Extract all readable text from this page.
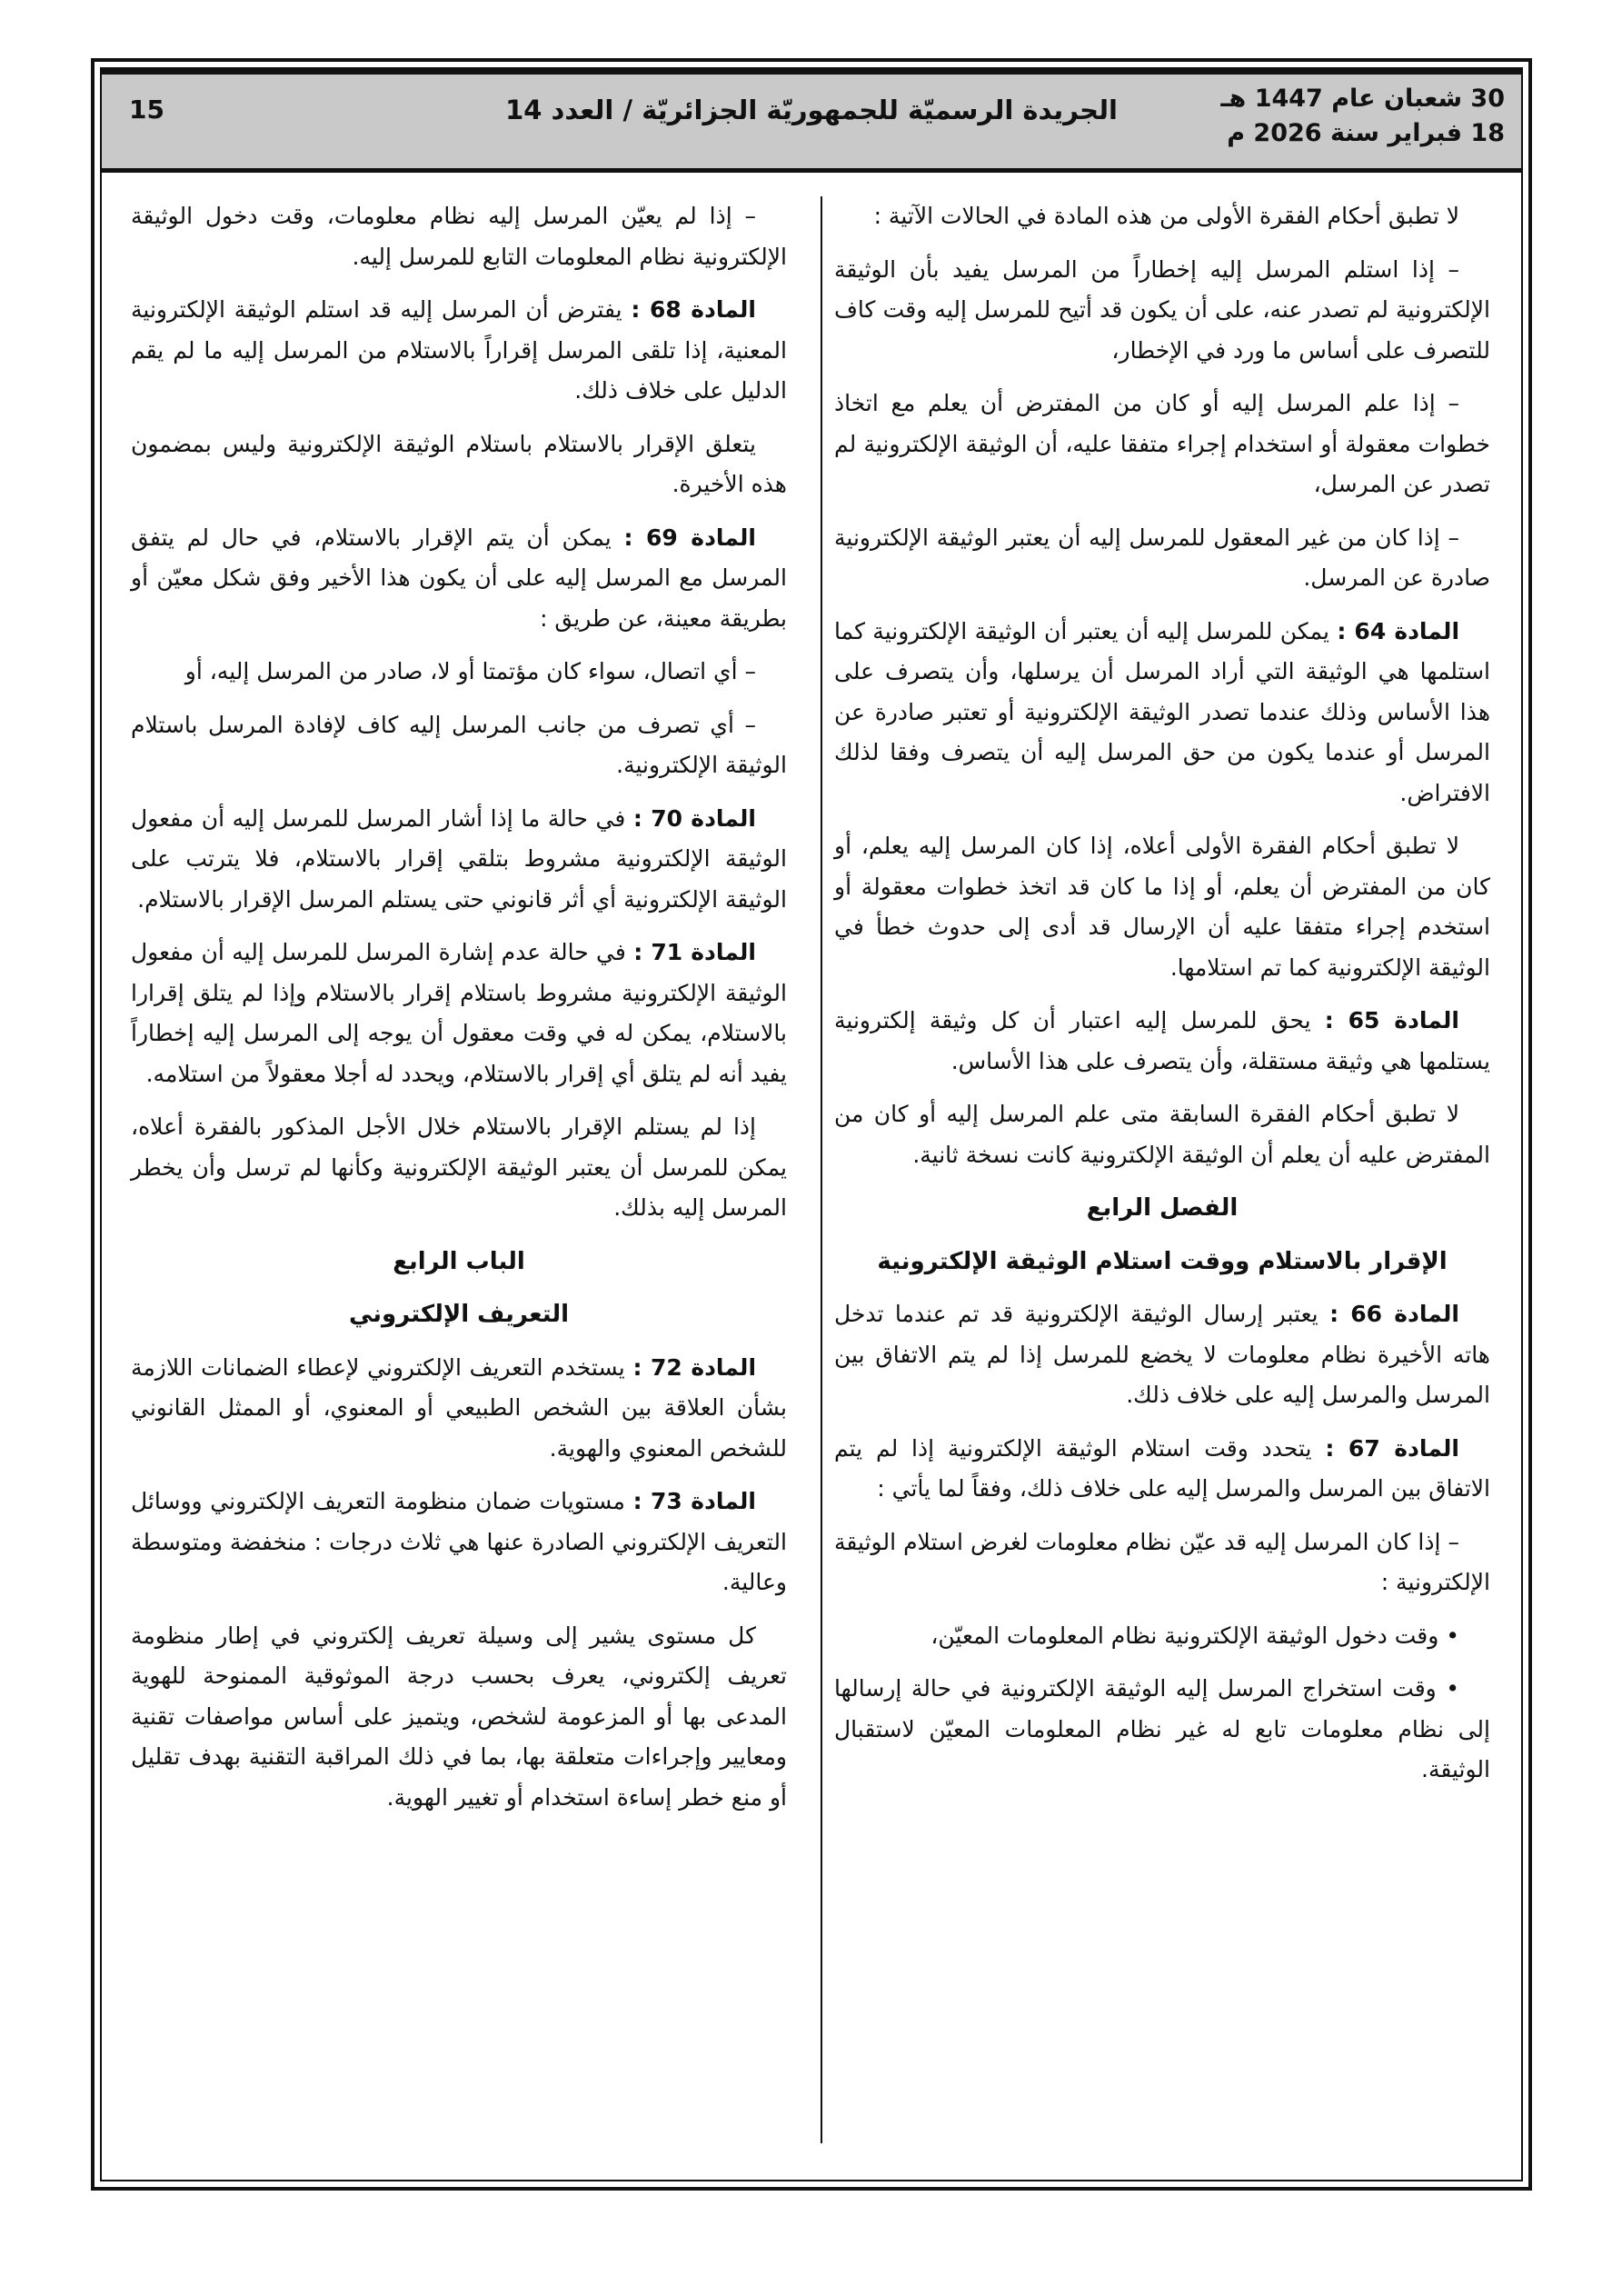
30 شعبان عام 1447 هـ
18 فبراير سنة 2026 م
الجريدة الرسميّة للجمهوريّة الجزائريّة / العدد 14
15
لا تطبق أحكام الفقرة الأولى من هذه المادة في الحالات الآتية :
– إذا استلم المرسل إليه إخطاراً من المرسل يفيد بأن الوثيقة الإلكترونية لم تصدر عنه، على أن يكون قد أتيح للمرسل إليه وقت كاف للتصرف على أساس ما ورد في الإخطار،
– إذا علم المرسل إليه أو كان من المفترض أن يعلم مع اتخاذ خطوات معقولة أو استخدام إجراء متفقا عليه، أن الوثيقة الإلكترونية لم تصدر عن المرسل،
– إذا كان من غير المعقول للمرسل إليه أن يعتبر الوثيقة الإلكترونية صادرة عن المرسل.
المادة 64 : يمكن للمرسل إليه أن يعتبر أن الوثيقة الإلكترونية كما استلمها هي الوثيقة التي أراد المرسل أن يرسلها، وأن يتصرف على هذا الأساس وذلك عندما تصدر الوثيقة الإلكترونية أو تعتبر صادرة عن المرسل أو عندما يكون من حق المرسل إليه أن يتصرف وفقا لذلك الافتراض.
لا تطبق أحكام الفقرة الأولى أعلاه، إذا كان المرسل إليه يعلم، أو كان من المفترض أن يعلم، أو إذا ما كان قد اتخذ خطوات معقولة أو استخدم إجراء متفقا عليه أن الإرسال قد أدى إلى حدوث خطأ في الوثيقة الإلكترونية كما تم استلامها.
المادة 65 : يحق للمرسل إليه اعتبار أن كل وثيقة إلكترونية يستلمها هي وثيقة مستقلة، وأن يتصرف على هذا الأساس.
لا تطبق أحكام الفقرة السابقة متى علم المرسل إليه أو كان من المفترض عليه أن يعلم أن الوثيقة الإلكترونية كانت نسخة ثانية.
الفصل الرابع
الإقرار بالاستلام ووقت استلام الوثيقة الإلكترونية
المادة 66 : يعتبر إرسال الوثيقة الإلكترونية قد تم عندما تدخل هاته الأخيرة نظام معلومات لا يخضع للمرسل إذا لم يتم الاتفاق بين المرسل والمرسل إليه على خلاف ذلك.
المادة 67 : يتحدد وقت استلام الوثيقة الإلكترونية إذا لم يتم الاتفاق بين المرسل والمرسل إليه على خلاف ذلك، وفقاً لما يأتي :
– إذا كان المرسل إليه قد عيّن نظام معلومات لغرض استلام الوثيقة الإلكترونية :
• وقت دخول الوثيقة الإلكترونية نظام المعلومات المعيّن،
• وقت استخراج المرسل إليه الوثيقة الإلكترونية في حالة إرسالها إلى نظام معلومات تابع له غير نظام المعلومات المعيّن لاستقبال الوثيقة.
– إذا لم يعيّن المرسل إليه نظام معلومات، وقت دخول الوثيقة الإلكترونية نظام المعلومات التابع للمرسل إليه.
المادة 68 : يفترض أن المرسل إليه قد استلم الوثيقة الإلكترونية المعنية، إذا تلقى المرسل إقراراً بالاستلام من المرسل إليه ما لم يقم الدليل على خلاف ذلك.
يتعلق الإقرار بالاستلام باستلام الوثيقة الإلكترونية وليس بمضمون هذه الأخيرة.
المادة 69 : يمكن أن يتم الإقرار بالاستلام، في حال لم يتفق المرسل مع المرسل إليه على أن يكون هذا الأخير وفق شكل معيّن أو بطريقة معينة، عن طريق :
– أي اتصال، سواء كان مؤتمتا أو لا، صادر من المرسل إليه، أو
– أي تصرف من جانب المرسل إليه كاف لإفادة المرسل باستلام الوثيقة الإلكترونية.
المادة 70 : في حالة ما إذا أشار المرسل للمرسل إليه أن مفعول الوثيقة الإلكترونية مشروط بتلقي إقرار بالاستلام، فلا يترتب على الوثيقة الإلكترونية أي أثر قانوني حتى يستلم المرسل الإقرار بالاستلام.
المادة 71 : في حالة عدم إشارة المرسل للمرسل إليه أن مفعول الوثيقة الإلكترونية مشروط باستلام إقرار بالاستلام وإذا لم يتلق إقرارا بالاستلام، يمكن له في وقت معقول أن يوجه إلى المرسل إليه إخطاراً يفيد أنه لم يتلق أي إقرار بالاستلام، ويحدد له أجلا معقولاً من استلامه.
إذا لم يستلم الإقرار بالاستلام خلال الأجل المذكور بالفقرة أعلاه، يمكن للمرسل أن يعتبر الوثيقة الإلكترونية وكأنها لم ترسل وأن يخطر المرسل إليه بذلك.
الباب الرابع
التعريف الإلكتروني
المادة 72 : يستخدم التعريف الإلكتروني لإعطاء الضمانات اللازمة بشأن العلاقة بين الشخص الطبيعي أو المعنوي، أو الممثل القانوني للشخص المعنوي والهوية.
المادة 73 : مستويات ضمان منظومة التعريف الإلكتروني ووسائل التعريف الإلكتروني الصادرة عنها هي ثلاث درجات : منخفضة ومتوسطة وعالية.
كل مستوى يشير إلى وسيلة تعريف إلكتروني في إطار منظومة تعريف إلكتروني، يعرف بحسب درجة الموثوقية الممنوحة للهوية المدعى بها أو المزعومة لشخص، ويتميز على أساس مواصفات تقنية ومعايير وإجراءات متعلقة بها، بما في ذلك المراقبة التقنية بهدف تقليل أو منع خطر إساءة استخدام أو تغيير الهوية.
